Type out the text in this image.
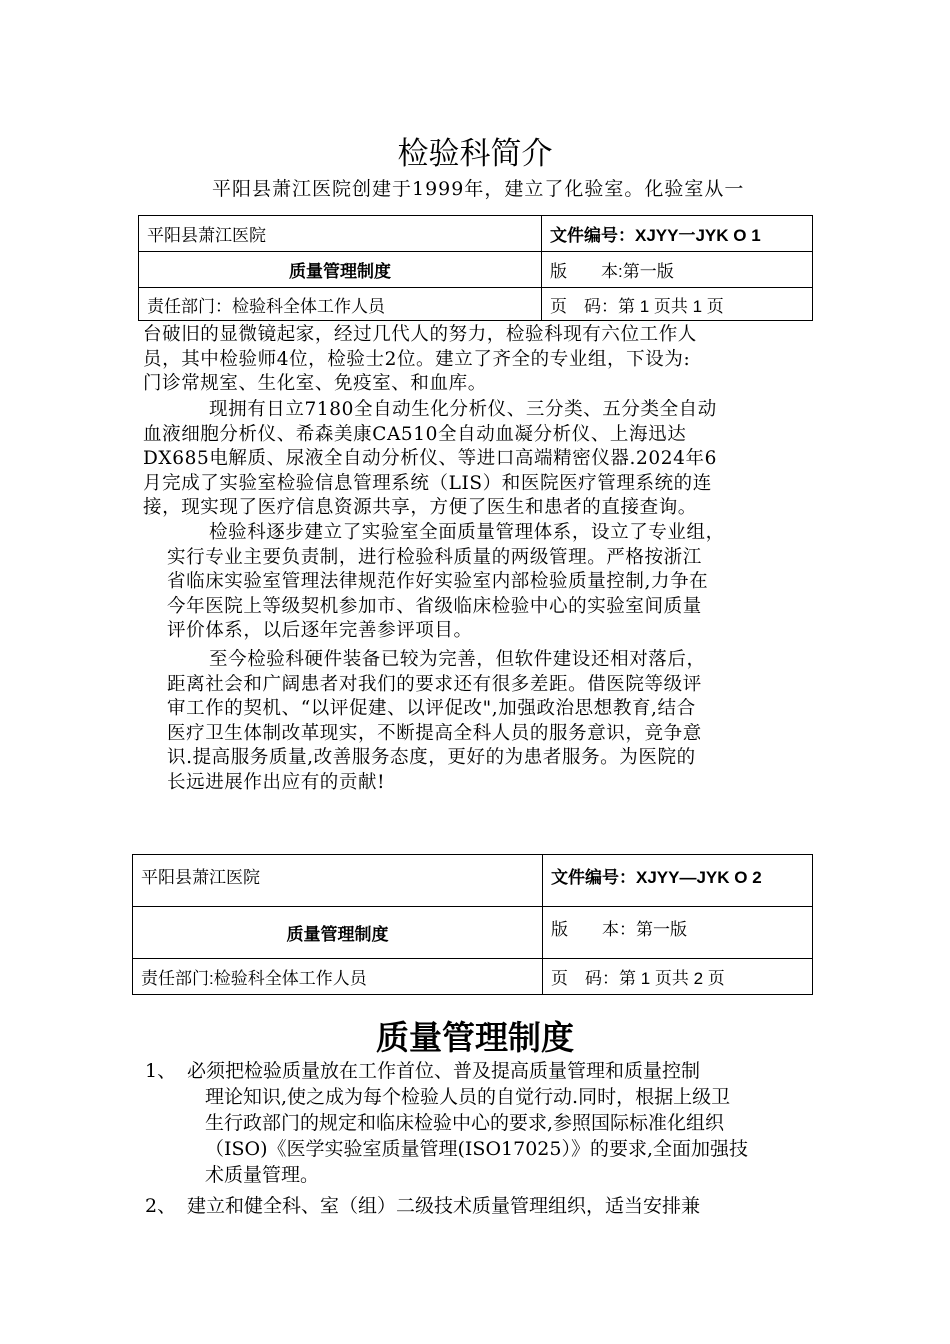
检验科简介
平阳县萧江医院创建于1999年，建立了化验室。化验室从一
平阳县萧江医院	文件编号：XJYY一JYK O 1
质量管理制度	版　　本:第一版
责任部门：检验科全体工作人员	页　码：第 1 页共 1 页

台破旧的显微镜起家，经过几代人的努力，检验科现有六位工作人

员，其中检验师4位，检验士2位。建立了齐全的专业组，下设为:

门诊常规室、生化室、免疫室、和血库。

现拥有日立7180全自动生化分析仪、三分类、五分类全自动

血液细胞分析仪、希森美康CA510全自动血凝分析仪、上海迅达

DX685电解质、尿液全自动分析仪、等进口高端精密仪器.2024年6

月完成了实验室检验信息管理系统（LIS）和医院医疗管理系统的连

接，现实现了医疗信息资源共享，方便了医生和患者的直接查询。

检验科逐步建立了实验室全面质量管理体系，设立了专业组，

实行专业主要负责制，进行检验科质量的两级管理。严格按浙江

省临床实验室管理法律规范作好实验室内部检验质量控制,力争在

今年医院上等级契机参加市、省级临床检验中心的实验室间质量

评价体系，以后逐年完善参评项目。

至今检验科硬件装备已较为完善，但软件建设还相对落后，

距离社会和广阔患者对我们的要求还有很多差距。借医院等级评

审工作的契机、“以评促建、以评促改",加强政治思想教育,结合

医疗卫生体制改革现实，不断提高全科人员的服务意识，竞争意

识.提高服务质量,改善服务态度，更好的为患者服务。为医院的

长远进展作出应有的贡献!

平阳县萧江医院	文件编号：XJYY—JYK O 2
质量管理制度	版　　本：第一版
责任部门:检验科全体工作人员	页　码：第 1 页共 2 页
质量管理制度
1、 必须把检验质量放在工作首位、普及提高质量管理和质量控制
理论知识,使之成为每个检验人员的自觉行动.同时，根据上级卫
生行政部门的规定和临床检验中心的要求,参照国际标准化组织
（ISO)《医学实验室质量管理(ISO17025）》的要求,全面加强技
术质量管理。
2、 建立和健全科、室（组）二级技术质量管理组织，适当安排兼
